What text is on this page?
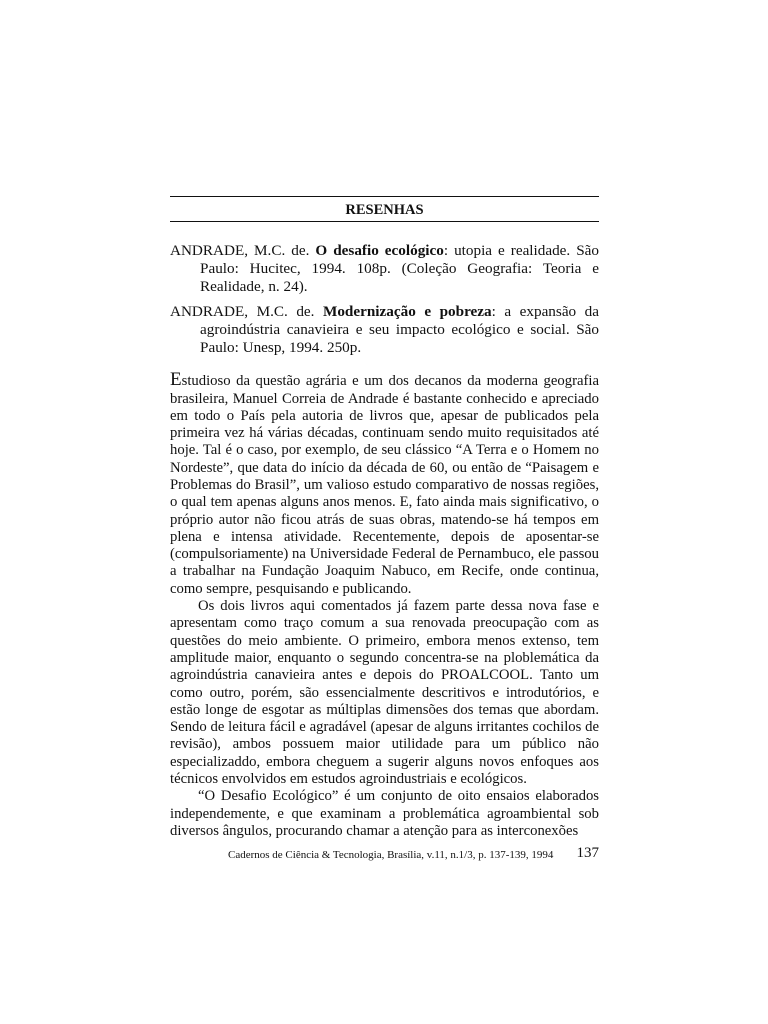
RESENHAS

ANDRADE, M.C. de. O desafio ecológico: utopia e realidade. São Paulo: Hucitec, 1994. 108p. (Coleção Geografia: Teoria e Realidade, n. 24).

ANDRADE, M.C. de. Modernização e pobreza: a expansão da agroindústria canavieira e seu impacto ecológico e social. São Paulo: Unesp, 1994. 250p.

Estudioso da questão agrária e um dos decanos da moderna geografia brasileira, Manuel Correia de Andrade é bastante conhecido e apreciado em todo o País pela autoria de livros que, apesar de publicados pela primeira vez há várias décadas, continuam sendo muito requisitados até hoje. Tal é o caso, por exemplo, de seu clássico “A Terra e o Homem no Nordeste”, que data do início da década de 60, ou então de “Paisagem e Problemas do Brasil”, um valioso estudo comparativo de nossas regiões, o qual tem apenas alguns anos menos. E, fato ainda mais significativo, o próprio autor não ficou atrás de suas obras, matendo-se há tempos em plena e intensa atividade. Recentemente, depois de aposentar-se (compulsoriamente) na Universidade Federal de Pernambuco, ele passou a trabalhar na Fundação Joaquim Nabuco, em Recife, onde continua, como sempre, pesquisando e publicando.

Os dois livros aqui comentados já fazem parte dessa nova fase e apresentam como traço comum a sua renovada preocupação com as questões do meio ambiente. O primeiro, embora menos extenso, tem amplitude maior, enquanto o segundo concentra-se na ploblemática da agroindústria canavieira antes e depois do PROALCOOL. Tanto um como outro, porém, são essencialmente descritivos e introdutórios, e estão longe de esgotar as múltiplas dimensões dos temas que abordam. Sendo de leitura fácil e agradável (apesar de alguns irritantes cochilos de revisão), ambos possuem maior utilidade para um público não especializaddo, embora cheguem a sugerir alguns novos enfoques aos técnicos envolvidos em estudos agroindustriais e ecológicos.

“O Desafio Ecológico” é um conjunto de oito ensaios elaborados independemente, e que examinam a problemática agroambiental sob diversos ângulos, procurando chamar a atenção para as interconexões

Cadernos de Ciência & Tecnologia, Brasília, v.11, n.1/3, p. 137-139, 1994 137
